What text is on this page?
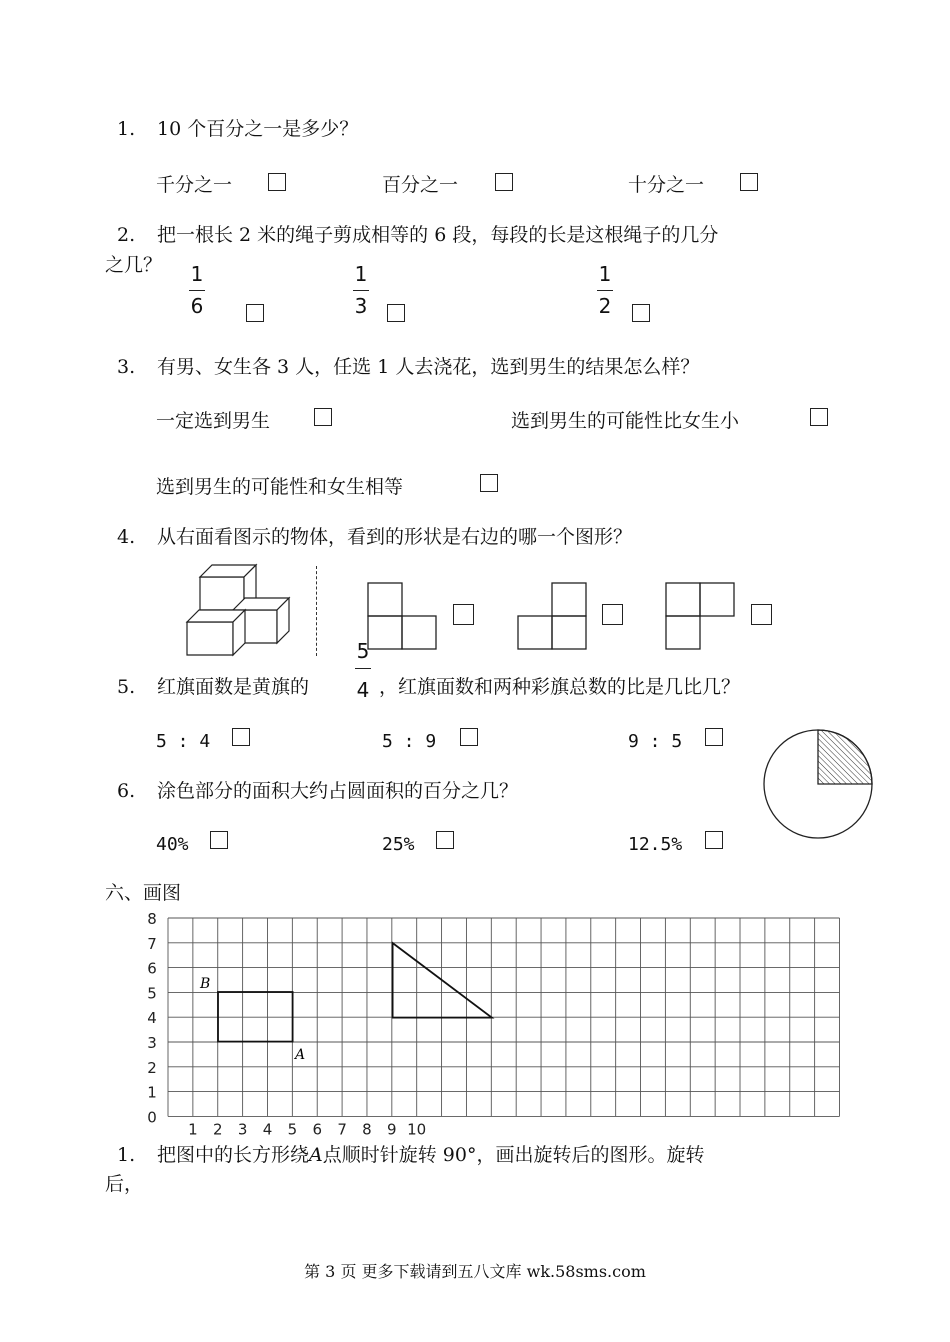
1. 10 个百分之一是多少？
千分之一	百分之一	十分之一
2. 把一根长 2 米的绳子剪成相等的 6 段，每段的长是这根绳子的几分
之几？ 1
6
1
3
1
2
3. 有男、女生各 3 人，任选 1 人去浇花，选到男生的结果怎么样？
一定选到男生	选到男生的可能性比女生小
选到男生的可能性和女生相等
4. 从右面看图示的物体，看到的形状是右边的哪一个图形？
5. 红旗面数是黄旗的
5
4 ，红旗面数和两种彩旗总数的比是几比几？
5 : 4	5 : 9	9 : 5
6. 涂色部分的面积大约占圆面积的百分之几？
40%	25%	12.5%
六、画图
0
1
2
3
4
5
6
7
8
1 2 3 4 5 6 7 8 9 10
B
A
1. 把图中的长方形绕A点顺时针旋转 90°，画出旋转后的图形。旋转
后，
第 3 页 更多下载请到五八文库 wk.58sms.com
